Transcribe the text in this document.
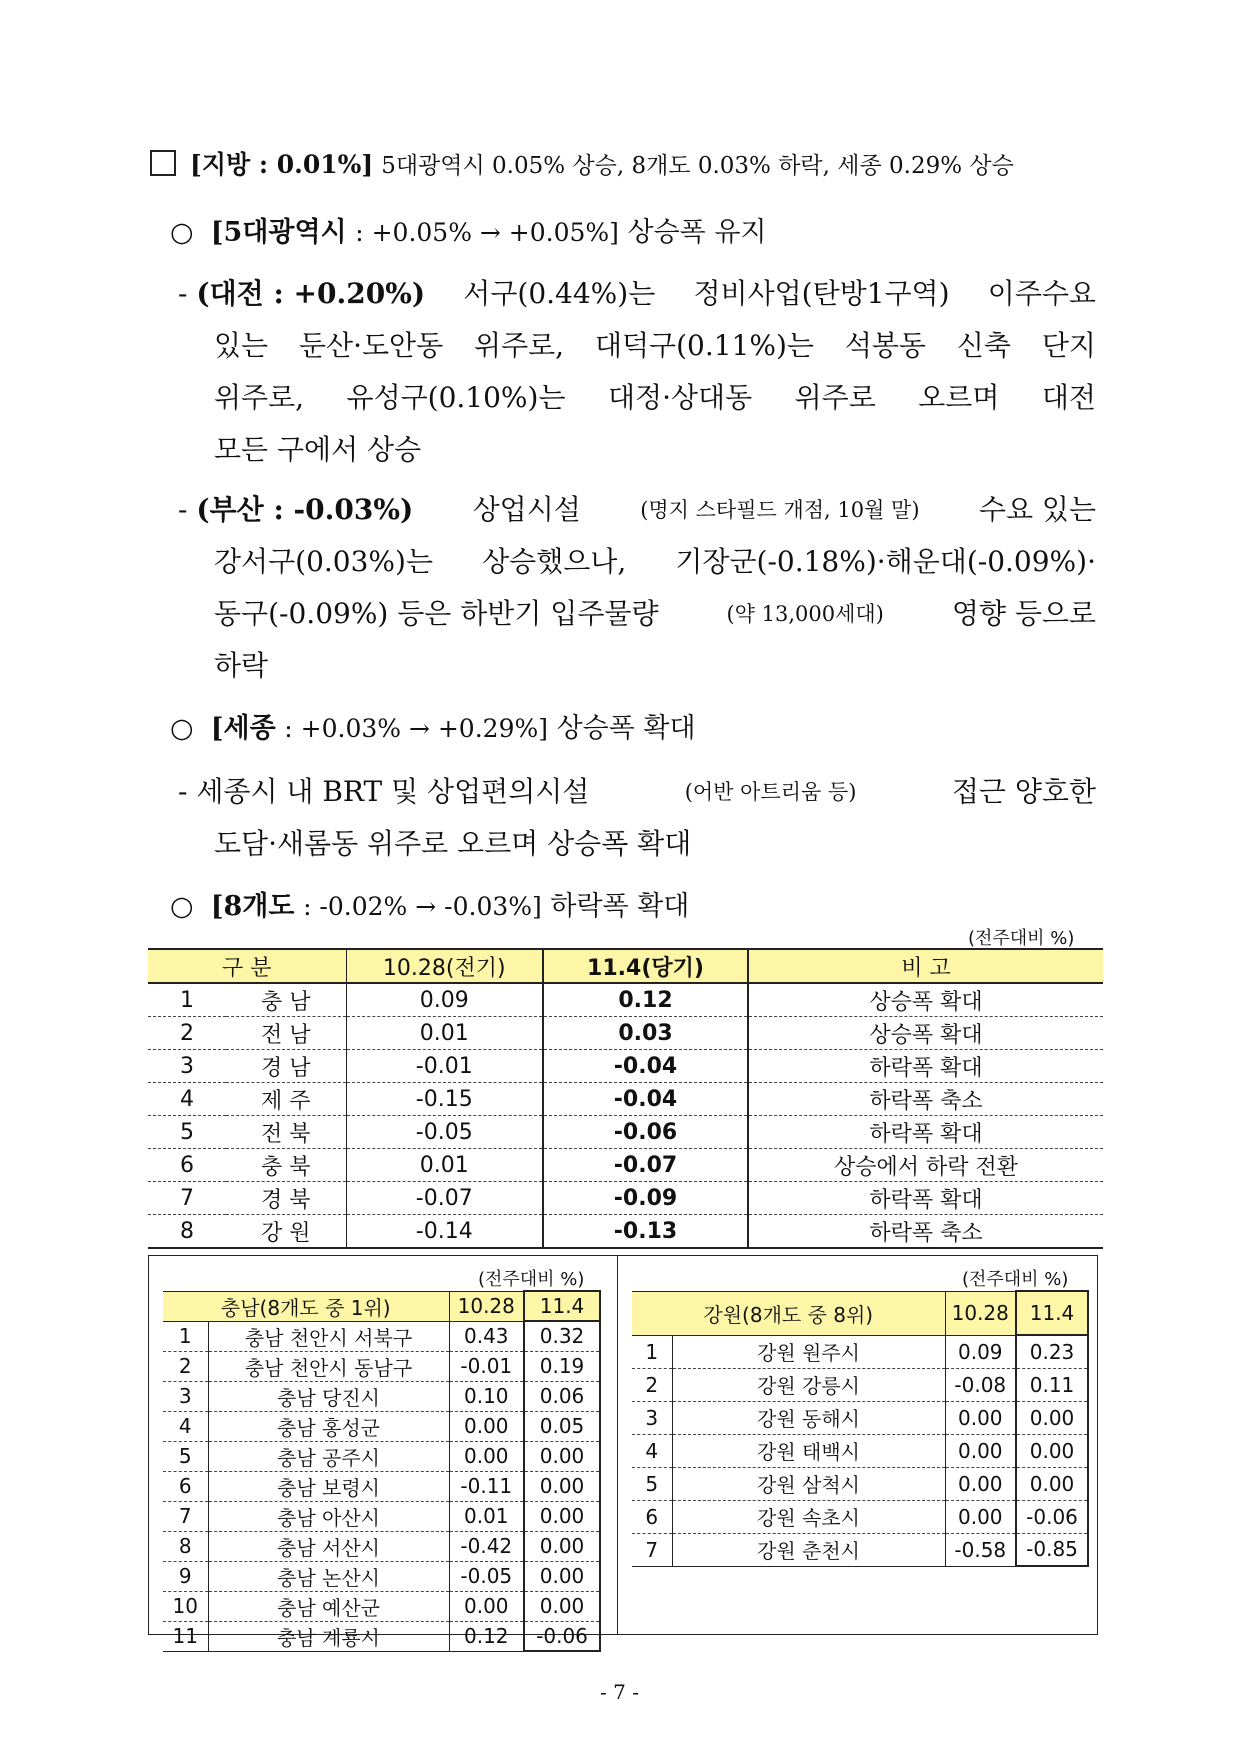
[지방 : 0.01%] 5대광역시 0.05% 상승, 8개도 0.03% 하락, 세종 0.29% 상승
○  [5대광역시 : +0.05% → +0.05%] 상승폭 유지
- (대전 : +0.20%) 서구(0.44%)는 정비사업(탄방1구역) 이주수요
있는 둔산·도안동 위주로, 대덕구(0.11%)는 석봉동 신축 단지
위주로, 유성구(0.10%)는 대정·상대동 위주로 오르며 대전
모든 구에서 상승
- (부산 : -0.03%) 상업시설	(명지 스타필드 개점, 10월 말) 수요 있는
강서구(0.03%)는 상승했으나, 기장군(-0.18%)·해운대(-0.09%)·
동구(-0.09%) 등은 하반기 입주물량	(약 13,000세대) 영향 등으로
하락
○  [세종 : +0.03% → +0.29%] 상승폭 확대
- 세종시 내 BRT 및 상업편의시설	(어반 아트리움 등)	접근 양호한
도담·새롬동 위주로 오르며 상승폭 확대
○  [8개도 : -0.02% → -0.03%] 하락폭 확대
(전주대비 %)
구 분		10.28(전기)	11.4(당기)	비 고
1	충 남	0.09	0.12	상승폭 확대
2	전 남	0.01	0.03	상승폭 확대
3	경 남	-0.01	-0.04	하락폭 확대
4	제 주	-0.15	-0.04	하락폭 축소
5	전 북	-0.05	-0.06	하락폭 확대
6	충 북	0.01	-0.07	상승에서 하락 전환
7	경 북	-0.07	-0.09	하락폭 확대
8	강 원	-0.14	-0.13	하락폭 축소
(전주대비 %)
충남(8개도 중 1위)		10.28	11.4
1	충남 천안시 서북구	0.43	0.32
2	충남 천안시 동남구	-0.01	0.19
3	충남 당진시	0.10	0.06
4	충남 홍성군	0.00	0.05
5	충남 공주시	0.00	0.00
6	충남 보령시	-0.11	0.00
7	충남 아산시	0.01	0.00
8	충남 서산시	-0.42	0.00
9	충남 논산시	-0.05	0.00
10	충남 예산군	0.00	0.00
11	충남 계룡시	0.12	-0.06
(전주대비 %)
강원(8개도 중 8위)		10.28	11.4
1	강원 원주시	0.09	0.23
2	강원 강릉시	-0.08	0.11
3	강원 동해시	0.00	0.00
4	강원 태백시	0.00	0.00
5	강원 삼척시	0.00	0.00
6	강원 속초시	0.00	-0.06
7	강원 춘천시	-0.58	-0.85
- 7 -
